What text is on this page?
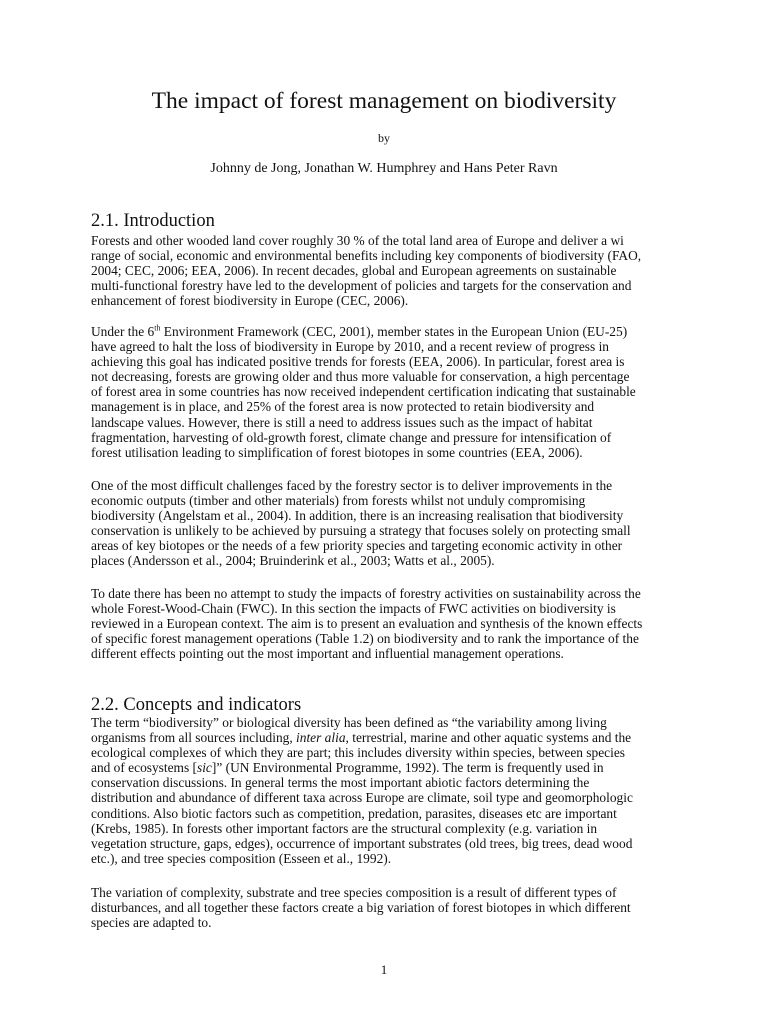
The impact of forest management on biodiversity
by
Johnny de Jong, Jonathan W. Humphrey and Hans Peter Ravn
2.1. Introduction

Forests and other wooded land cover roughly 30 % of the total land area of Europe and deliver a wi
range of social, economic and environmental benefits including key components of biodiversity (FAO,
2004; CEC, 2006; EEA, 2006). In recent decades, global and European agreements on sustainable
multi-functional forestry have led to the development of policies and targets for the conservation and
enhancement of forest biodiversity in Europe (CEC, 2006).

Under the 6th Environment Framework (CEC, 2001), member states in the European Union (EU-25)
have agreed to halt the loss of biodiversity in Europe by 2010, and a recent review of progress in
achieving this goal has indicated positive trends for forests (EEA, 2006). In particular, forest area is
not decreasing, forests are growing older and thus more valuable for conservation, a high percentage
of forest area in some countries has now received independent certification indicating that sustainable
management is in place, and 25% of the forest area is now protected to retain biodiversity and
landscape values. However, there is still a need to address issues such as the impact of habitat
fragmentation, harvesting of old-growth forest, climate change and pressure for intensification of
forest utilisation leading to simplification of forest biotopes in some countries (EEA, 2006).

One of the most difficult challenges faced by the forestry sector is to deliver improvements in the
economic outputs (timber and other materials) from forests whilst not unduly compromising
biodiversity (Angelstam et al., 2004). In addition, there is an increasing realisation that biodiversity
conservation is unlikely to be achieved by pursuing a strategy that focuses solely on protecting small
areas of key biotopes or the needs of a few priority species and targeting economic activity in other
places (Andersson et al., 2004; Bruinderink et al., 2003; Watts et al., 2005).

To date there has been no attempt to study the impacts of forestry activities on sustainability across the
whole Forest-Wood-Chain (FWC). In this section the impacts of FWC activities on biodiversity is
reviewed in a European context. The aim is to present an evaluation and synthesis of the known effects
of specific forest management operations (Table 1.2) on biodiversity and to rank the importance of the
different effects pointing out the most important and influential management operations.

2.2. Concepts and indicators

The term “biodiversity” or biological diversity has been defined as “the variability among living
organisms from all sources including, inter alia, terrestrial, marine and other aquatic systems and the
ecological complexes of which they are part; this includes diversity within species, between species
and of ecosystems [sic]” (UN Environmental Programme, 1992). The term is frequently used in
conservation discussions. In general terms the most important abiotic factors determining the
distribution and abundance of different taxa across Europe are climate, soil type and geomorphologic
conditions. Also biotic factors such as competition, predation, parasites, diseases etc are important
(Krebs, 1985). In forests other important factors are the structural complexity (e.g. variation in
vegetation structure, gaps, edges), occurrence of important substrates (old trees, big trees, dead wood
etc.), and tree species composition (Esseen et al., 1992).

The variation of complexity, substrate and tree species composition is a result of different types of
disturbances, and all together these factors create a big variation of forest biotopes in which different
species are adapted to.

1
